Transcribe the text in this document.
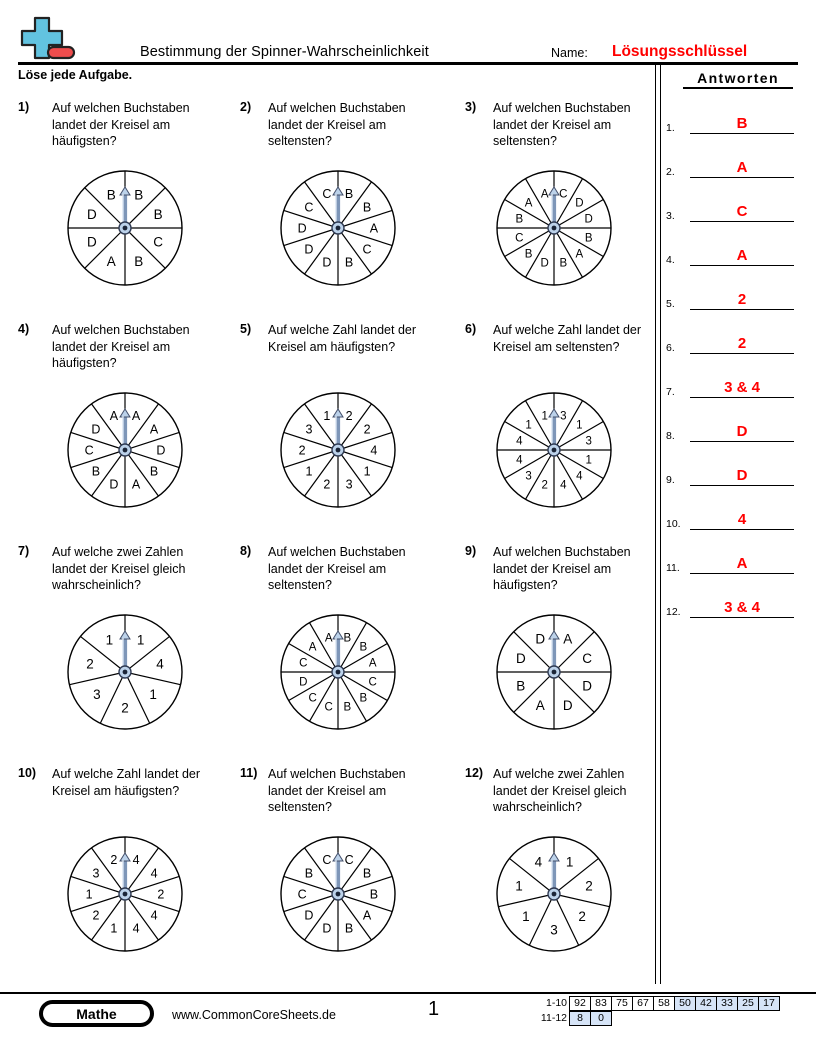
Bestimmung der Spinner-Wahrscheinlichkeit	Name: Lösungsschlüssel
Löse jede Aufgabe.	Antworten
1.	B
2.	A
3.	C
4.	A
5.	2
6.	2
7.	3 & 4
8.	D
9.	D
10.	4
11.	A
12.	3 & 4
1) Auf welchen Buchstaben landet der Kreisel am häufigsten?
B
B
C
B
A
D
D
B
2) Auf welchen Buchstaben landet der Kreisel am seltensten?
B
B
A
C
B
D
D
D
C
C
3) Auf welchen Buchstaben landet der Kreisel am seltensten?
C
D
D
B
A
B
D
B
C
B
A
A
4) Auf welchen Buchstaben landet der Kreisel am häufigsten?
A
A
D
B
A
D
B
C
D
A
5) Auf welche Zahl landet der Kreisel am häufigsten?
2
2
4
1
3
2
1
2
3
1
6) Auf welche Zahl landet der Kreisel am seltensten?
3
1
3
1
4
4
2
3
4
4
1
1
7) Auf welche zwei Zahlen landet der Kreisel gleich wahrscheinlich?
1
4
1
2
3
2
1
8) Auf welchen Buchstaben landet der Kreisel am seltensten?
B
B
A
C
B
B
C
C
D
C
A
A
9) Auf welchen Buchstaben landet der Kreisel am häufigsten?
A
C
D
D
A
B
D
D
10) Auf welche Zahl landet der Kreisel am häufigsten?
4
4
2
4
4
1
2
1
3
2
11) Auf welchen Buchstaben landet der Kreisel am seltensten?
C
B
B
A
B
D
D
C
B
C
12) Auf welche zwei Zahlen landet der Kreisel gleich wahrscheinlich?
1
2
2
3
1
1
4
Mathe	www.CommonCoreSheets.de	1	1-10 92 83 75 67 58 50 42 33 25 17
11-12 8	0
